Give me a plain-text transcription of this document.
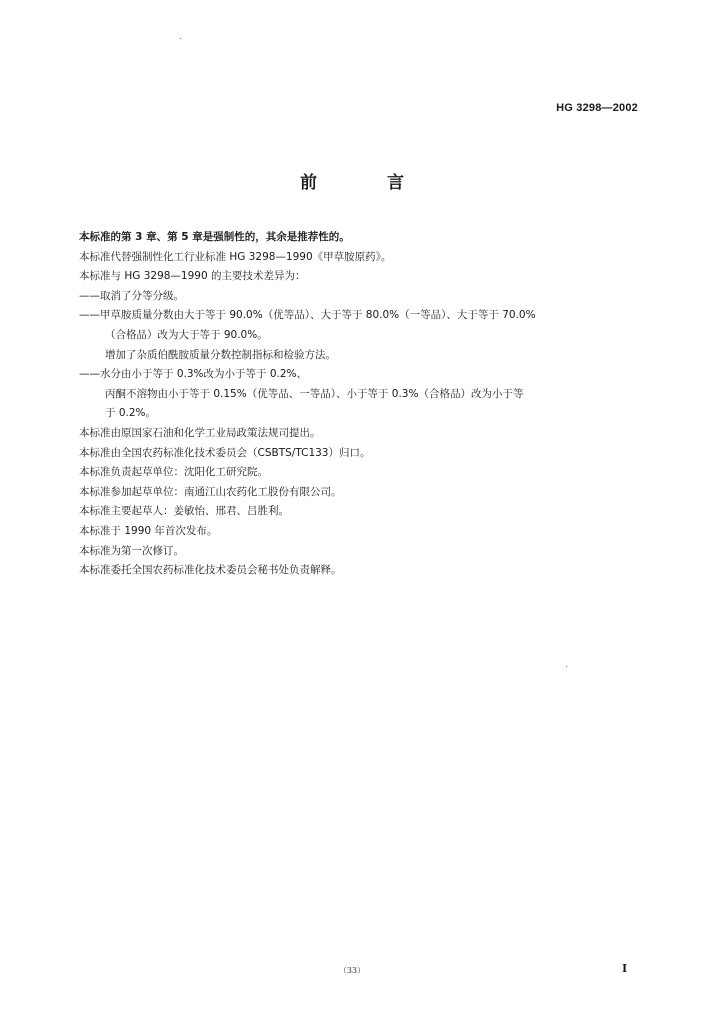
HG 3298—2002
前 言
本标准的第 3 章、第 5 章是强制性的，其余是推荐性的。
本标准代替强制性化工行业标准 HG 3298—1990《甲草胺原药》。
本标准与 HG 3298—1990 的主要技术差异为：
——取消了分等分级。
——甲草胺质量分数由大于等于 90.0%（优等品）、大于等于 80.0%（一等品）、大于等于 70.0%
（合格品）改为大于等于 90.0%。
增加了杂质伯酰胺质量分数控制指标和检验方法。
——水分由小于等于 0.3%改为小于等于 0.2%、
丙酮不溶物由小于等于 0.15%（优等品、一等品）、小于等于 0.3%（合格品）改为小于等
于 0.2%。
本标准由原国家石油和化学工业局政策法规司提出。
本标准由全国农药标准化技术委员会（CSBTS/TC133）归口。
本标准负责起草单位：沈阳化工研究院。
本标准参加起草单位：南通江山农药化工股份有限公司。
本标准主要起草人：姜敏怡、邢君、吕胜利。
本标准于 1990 年首次发布。
本标准为第一次修订。
本标准委托全国农药标准化技术委员会秘书处负责解释。
（33）	I
